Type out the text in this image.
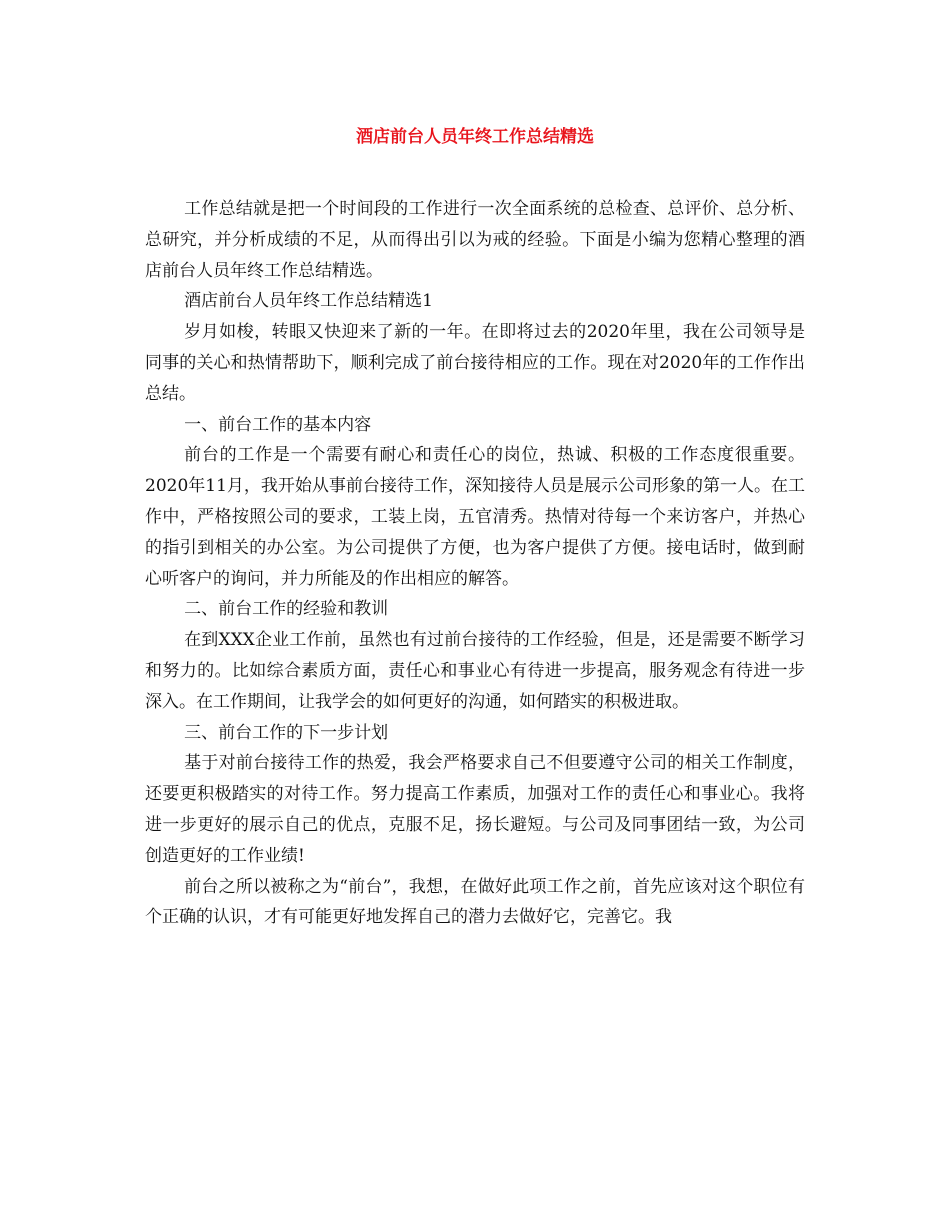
酒店前台人员年终工作总结精选

工作总结就是把一个时间段的工作进行一次全面系统的总检查、总评价、总分析、总研究，并分析成绩的不足，从而得出引以为戒的经验。下面是小编为您精心整理的酒店前台人员年终工作总结精选。

酒店前台人员年终工作总结精选1

岁月如梭，转眼又快迎来了新的一年。在即将过去的2020年里，我在公司领导是同事的关心和热情帮助下，顺利完成了前台接待相应的工作。现在对2020年的工作作出总结。

一、前台工作的基本内容

前台的工作是一个需要有耐心和责任心的岗位，热诚、积极的工作态度很重要。2020年11月，我开始从事前台接待工作，深知接待人员是展示公司形象的第一人。在工作中，严格按照公司的要求，工装上岗，五官清秀。热情对待每一个来访客户，并热心的指引到相关的办公室。为公司提供了方便，也为客户提供了方便。接电话时，做到耐心听客户的询问，并力所能及的作出相应的解答。

二、前台工作的经验和教训

在到XXX企业工作前，虽然也有过前台接待的工作经验，但是，还是需要不断学习和努力的。比如综合素质方面，责任心和事业心有待进一步提高，服务观念有待进一步深入。在工作期间，让我学会的如何更好的沟通，如何踏实的积极进取。

三、前台工作的下一步计划

基于对前台接待工作的热爱，我会严格要求自己不但要遵守公司的相关工作制度，还要更积极踏实的对待工作。努力提高工作素质，加强对工作的责任心和事业心。我将进一步更好的展示自己的优点，克服不足，扬长避短。与公司及同事团结一致，为公司创造更好的工作业绩!

前台之所以被称之为“前台”，我想，在做好此项工作之前，首先应该对这个职位有个正确的认识，才有可能更好地发挥自己的潜力去做好它，完善它。我
